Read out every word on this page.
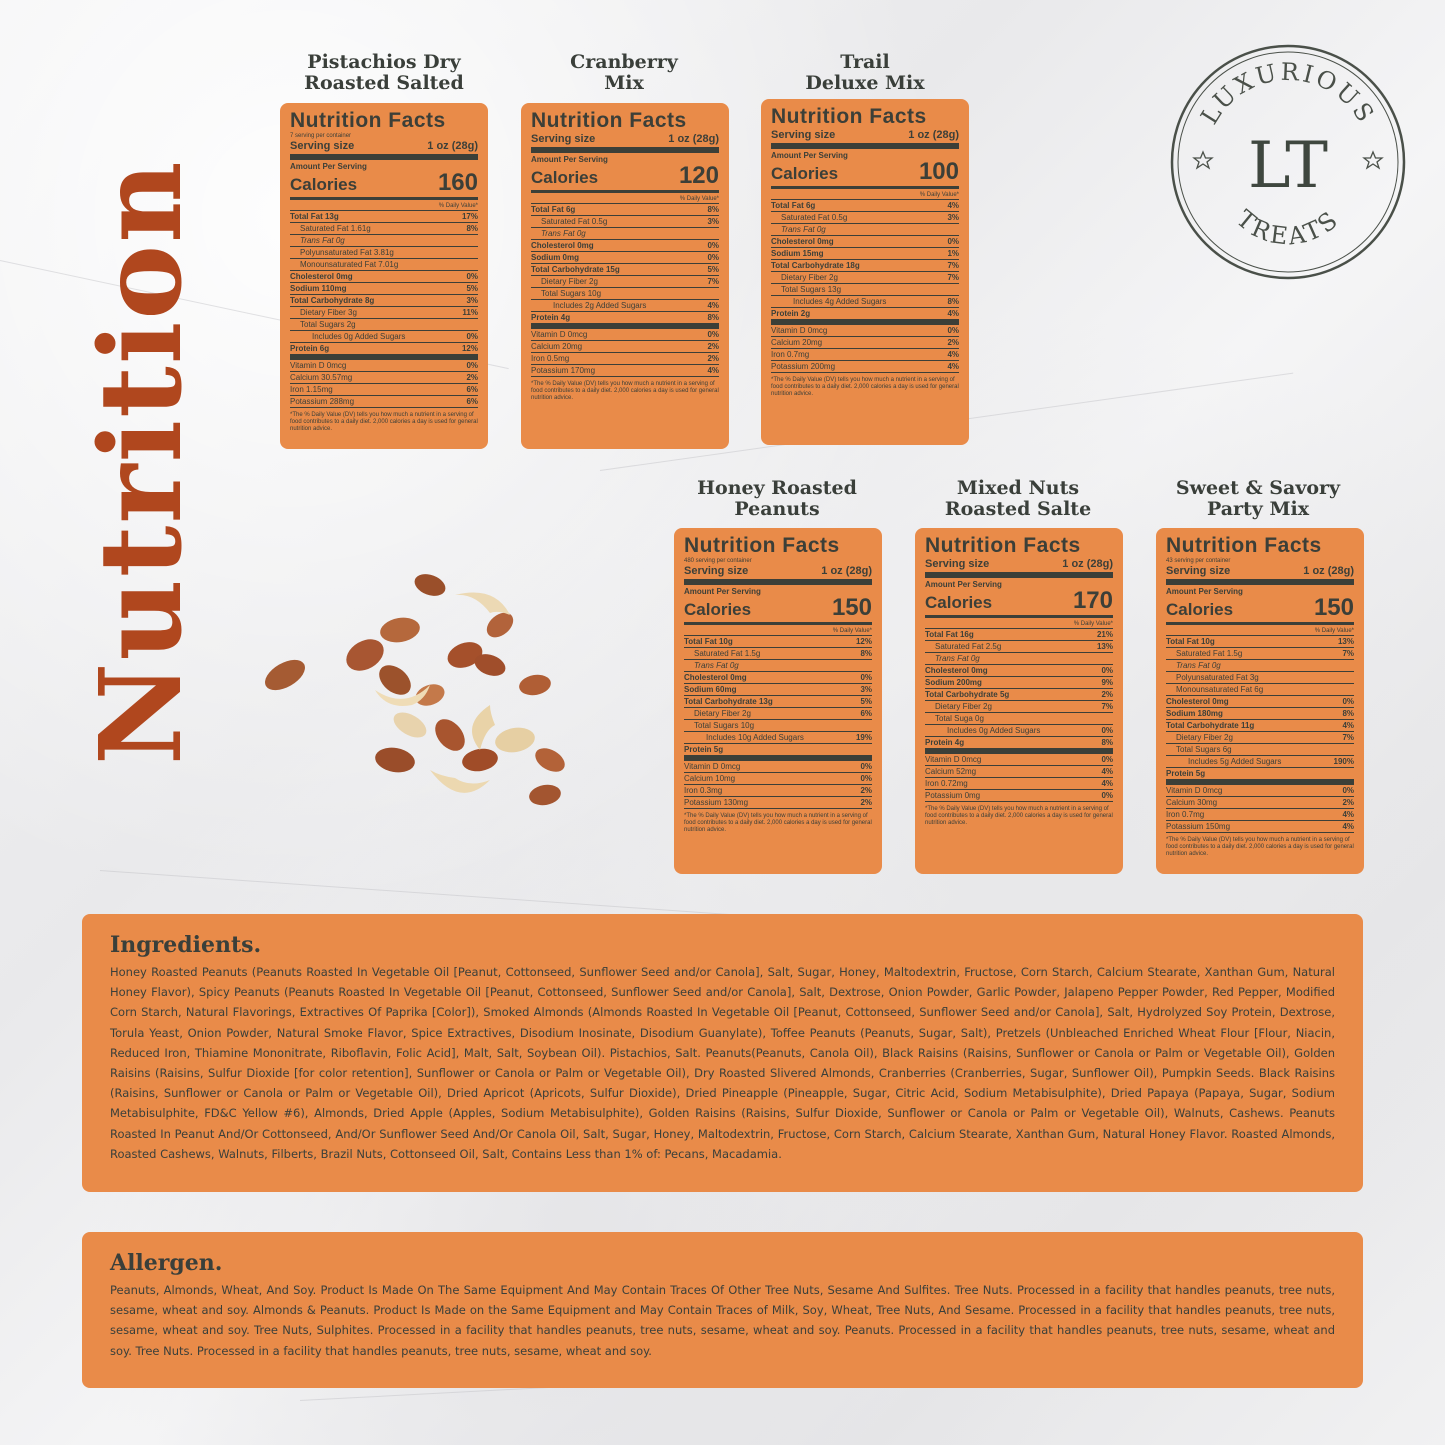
Nutrition
LUXURIOUS
TREATS
LT
Pistachios Dry
Roasted Salted
Nutrition Facts
7 serving per container
Serving size	1 oz (28g)
Amount Per Serving
Calories	160
% Daily Value*
Total Fat 13g	17%
Saturated Fat 1.61g	8%
Trans Fat 0g
Polyunsaturated Fat 3.81g
Monounsaturated Fat 7.01g
Cholesterol 0mg	0%
Sodium 110mg	5%
Total Carbohydrate 8g	3%
Dietary Fiber 3g	11%
Total Sugars 2g
Includes 0g Added Sugars	0%
Protein 6g	12%
Vitamin D 0mcg	0%
Calcium 30.57mg	2%
Iron 1.15mg	6%
Potassium 288mg	6%
*The % Daily Value (DV) tells you how much a nutrient in a serving of food contributes to a daily diet. 2,000 calories a day is used for general nutrition advice.
Cranberry
Mix
Nutrition Facts
Serving size	1 oz (28g)
Amount Per Serving
Calories	120
% Daily Value*
Total Fat 6g	8%
Saturated Fat 0.5g	3%
Trans Fat 0g
Cholesterol 0mg	0%
Sodium 0mg	0%
Total Carbohydrate 15g	5%
Dietary Fiber 2g	7%
Total Sugars 10g
Includes 2g Added Sugars	4%
Protein 4g	8%
Vitamin D 0mcg	0%
Calcium 20mg	2%
Iron 0.5mg	2%
Potassium 170mg	4%
*The % Daily Value (DV) tells you how much a nutrient in a serving of food contributes to a daily diet. 2,000 calories a day is used for general nutrition advice.
Trail
Deluxe Mix
Nutrition Facts
Serving size	1 oz (28g)
Amount Per Serving
Calories	100
% Daily Value*
Total Fat 6g	4%
Saturated Fat 0.5g	3%
Trans Fat 0g
Cholesterol 0mg	0%
Sodium 15mg	1%
Total Carbohydrate 18g	7%
Dietary Fiber 2g	7%
Total Sugars 13g
Includes 4g Added Sugars	8%
Protein 2g	4%
Vitamin D 0mcg	0%
Calcium 20mg	2%
Iron 0.7mg	4%
Potassium 200mg	4%
*The % Daily Value (DV) tells you how much a nutrient in a serving of food contributes to a daily diet. 2,000 calories a day is used for general nutrition advice.
Honey Roasted
Peanuts
Nutrition Facts
480 serving per container
Serving size	1 oz (28g)
Amount Per Serving
Calories	150
% Daily Value*
Total Fat 10g	12%
Saturated Fat 1.5g	8%
Trans Fat 0g
Cholesterol 0mg	0%
Sodium 60mg	3%
Total Carbohydrate 13g	5%
Dietary Fiber 2g	6%
Total Sugars 10g
Includes 10g Added Sugars	19%
Protein 5g
Vitamin D 0mcg	0%
Calcium 10mg	0%
Iron 0.3mg	2%
Potassium 130mg	2%
*The % Daily Value (DV) tells you how much a nutrient in a serving of food contributes to a daily diet. 2,000 calories a day is used for general nutrition advice.
Mixed Nuts
Roasted Salte
Nutrition Facts
Serving size	1 oz (28g)
Amount Per Serving
Calories	170
% Daily Value*
Total Fat 16g	21%
Saturated Fat 2.5g	13%
Trans Fat 0g
Cholesterol 0mg	0%
Sodium 200mg	9%
Total Carbohydrate 5g	2%
Dietary Fiber 2g	7%
Total Suga 0g
Includes 0g Added Sugars	0%
Protein 4g	8%
Vitamin D 0mcg	0%
Calcium 52mg	4%
Iron 0.72mg	4%
Potassium 0mg	0%
*The % Daily Value (DV) tells you how much a nutrient in a serving of food contributes to a daily diet. 2,000 calories a day is used for general nutrition advice.
Sweet & Savory
Party Mix
Nutrition Facts
43 serving per container
Serving size	1 oz (28g)
Amount Per Serving
Calories	150
% Daily Value*
Total Fat 10g	13%
Saturated Fat 1.5g	7%
Trans Fat 0g
Polyunsaturated Fat 3g
Monounsaturated Fat 6g
Cholesterol 0mg	0%
Sodium 180mg	8%
Total Carbohydrate 11g	4%
Dietary Fiber 2g	7%
Total Sugars 6g
Includes 5g Added Sugars	190%
Protein 5g
Vitamin D 0mcg	0%
Calcium 30mg	2%
Iron 0.7mg	4%
Potassium 150mg	4%
*The % Daily Value (DV) tells you how much a nutrient in a serving of food contributes to a daily diet. 2,000 calories a day is used for general nutrition advice.
Ingredients.

Honey Roasted Peanuts (Peanuts Roasted In Vegetable Oil [Peanut, Cottonseed, Sunflower Seed and/or Canola], Salt, Sugar, Honey, Maltodextrin, Fructose, Corn Starch, Calcium Stearate, Xanthan Gum, Natural Honey Flavor), Spicy Peanuts (Peanuts Roasted In Vegetable Oil [Peanut, Cottonseed, Sunflower Seed and/or Canola], Salt, Dextrose, Onion Powder, Garlic Powder, Jalapeno Pepper Powder, Red Pepper, Modified Corn Starch, Natural Flavorings, Extractives Of Paprika [Color]), Smoked Almonds (Almonds Roasted In Vegetable Oil [Peanut, Cottonseed, Sunflower Seed and/or Canola], Salt, Hydrolyzed Soy Protein, Dextrose, Torula Yeast, Onion Powder, Natural Smoke Flavor, Spice Extractives, Disodium Inosinate, Disodium Guanylate), Toffee Peanuts (Peanuts, Sugar, Salt), Pretzels (Unbleached Enriched Wheat Flour [Flour, Niacin, Reduced Iron, Thiamine Mononitrate, Riboflavin, Folic Acid], Malt, Salt, Soybean Oil). Pistachios, Salt. Peanuts(Peanuts, Canola Oil), Black Raisins (Raisins, Sunflower or Canola or Palm or Vegetable Oil), Golden Raisins (Raisins, Sulfur Dioxide [for color retention], Sunflower or Canola or Palm or Vegetable Oil), Dry Roasted Slivered Almonds, Cranberries (Cranberries, Sugar, Sunflower Oil), Pumpkin Seeds. Black Raisins (Raisins, Sunflower or Canola or Palm or Vegetable Oil), Dried Apricot (Apricots, Sulfur Dioxide), Dried Pineapple (Pineapple, Sugar, Citric Acid, Sodium Metabisulphite), Dried Papaya (Papaya, Sugar, Sodium Metabisulphite, FD&C Yellow #6), Almonds, Dried Apple (Apples, Sodium Metabisulphite), Golden Raisins (Raisins, Sulfur Dioxide, Sunflower or Canola or Palm or Vegetable Oil), Walnuts, Cashews. Peanuts Roasted In Peanut And/Or Cottonseed, And/Or Sunflower Seed And/Or Canola Oil, Salt, Sugar, Honey, Maltodextrin, Fructose, Corn Starch, Calcium Stearate, Xanthan Gum, Natural Honey Flavor. Roasted Almonds, Roasted Cashews, Walnuts, Filberts, Brazil Nuts, Cottonseed Oil, Salt, Contains Less than 1% of: Pecans, Macadamia.

Allergen.

Peanuts, Almonds, Wheat, And Soy. Product Is Made On The Same Equipment And May Contain Traces Of Other Tree Nuts, Sesame And Sulfites. Tree Nuts. Processed in a facility that handles peanuts, tree nuts, sesame, wheat and soy. Almonds & Peanuts. Product Is Made on the Same Equipment and May Contain Traces of Milk, Soy, Wheat, Tree Nuts, And Sesame. Processed in a facility that handles peanuts, tree nuts, sesame, wheat and soy. Tree Nuts, Sulphites. Processed in a facility that handles peanuts, tree nuts, sesame, wheat and soy. Peanuts. Processed in a facility that handles peanuts, tree nuts, sesame, wheat and soy. Tree Nuts. Processed in a facility that handles peanuts, tree nuts, sesame, wheat and soy.
